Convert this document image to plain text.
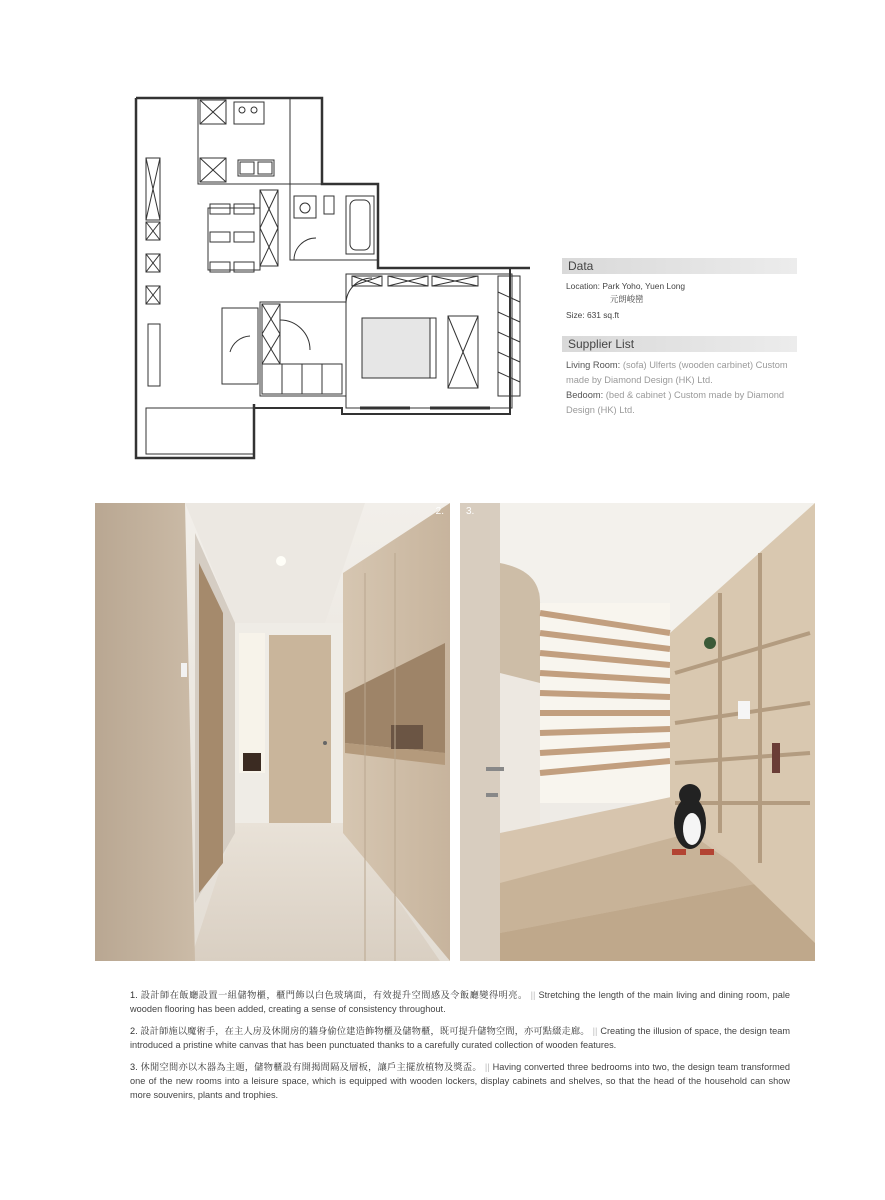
Data
Location: Park Yoho, Yuen Long
元朗峻巒
Size: 631 sq.ft
Supplier List
Living Room: (sofa) Ulferts (wooden carbinet) Custom made by Diamond Design (HK) Ltd.
Bedoom: (bed & cabinet ) Custom made by Diamond Design (HK) Ltd.
2. 3.
1. 設計師在飯廳設置一組儲物櫃，櫃門飾以白色玻璃面，有效提升空間感及令飯廳變得明亮。 || Stretching the length of the main living and dining room, pale wooden flooring has been added, creating a sense of consistency throughout.
2. 設計師施以魔術手，在主人房及休閒房的牆身偷位建造飾物櫃及儲物櫃，既可提升儲物空間，亦可點綴走廊。 || Creating the illusion of space, the design team introduced a pristine white canvas that has been punctuated thanks to a carefully curated collection of wooden features.
3. 休閒空間亦以木器為主題，儲物櫃設有開揭間隔及層板，讓戶主擺放植物及獎盃。 || Having converted three bedrooms into two, the design team transformed one of the new rooms into a leisure space, which is equipped with wooden lockers, display cabinets and shelves, so that the head of the household can show more souvenirs, plants and trophies.
